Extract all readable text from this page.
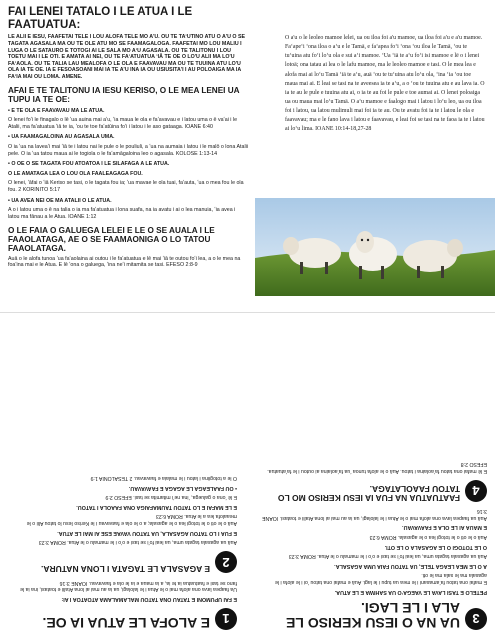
FAI LENEI TATALO I LE ATUA I LE FAATUATUA:

LE ALII E IESU, FAAFETAI TELE I LOU ALOFA TELE MO A'U. OU TE TAʻUTINO ATU O A'U O SE TAGATA AGASALA MA OU TE OLE ATU MO SE FAAMAGALOGA. FAAFETAI MO LOU MALIU I LUGA O LE SATAURO E TOTOGI AI LE SALA MO AʻU AGASALA. OU TE TALITONU I LOU TOETU MAI I LE OTI. E AMATA AI NEI, OU TE FAʻATUATUA ʻIĀ TE OE O LO'U ALII MA LO'U FAʻAOLA. OU TE TALIA LAU MEALOFA O LE OLA E FAAVAVAU MA OU TE TUUINA ATU LO'U OLA IA TE OE. IA E FESOASOANI MAI IA TE A'U INA IA OU USIUSITA'I I AU POLOAIGA MA IA FAʻIA MAI OU LOMA. AMENE.

AFAI E TE TALITONU IA IESU KERISO, O LE MEA LENEI UA TUPU IA TE OE:

• E TE OLA E FAAVAVAU MA LE ATUA.

O lenei foʻi le finagalo o lē ʻua auina mai aʻu, ʻia maua le ola e faʻavavau e i latou uma o ē vaʻai i le Atalii, ma faʻatuatua ʻiā te ia, ʻou te toe faʻatūina foʻi i latou i le aso gataaga. IOANE 6:40

• UA FAAMAGALOINA AU AGASALA UMA.

O ia ʻua na laveaʻi mai ʻiā te i latou nai le pule o le pouliuli, a ʻua na aumaia i latou i le malō o lona Atalii pele. O ia ʻua tatou maua ai le togiola o le faʻamāgaloina leo o agasala. KOLOSE 1:13-14

• O OE O SE TAGATA FOU ATOATOA I LE SILAFAGA A LE ATUA.

O LE AMATAGA LEA O LOU OLA FAALEAGAGA FOU.

O lenei, ʻāfai o ʻiā Keriso se tasi, o le tagata fou ia; ʻua mavae le ola tuai, faʻauta, ʻua o mea fou le ola fou. 2 KORINITO 5:17

• UA AVEA NEI OE MA ATALII O LE ATUA.

A o i latou uma o ē na talia o ia ma faʻatuatua i lona suafa, na ia avatu i ai o lea manuia, ʻia avea i latou ma fānau a le Atua. IOANE 1:12

O LE FAIA O GALUEGA LELEI E LE O SE AUALA I LE FAAOLATAGA, AE O SE FAAMAONIGA O LO TATOU FAAOLATAGA.

Auā o le alofa tunoa ʻua faʻaolaina ai outou i le faʻatuatua e lē mai ʻiā te outou foʻi lea, a o le mea na foaʻina mai e le Atua. E lē ʻona o galuega, ʻina neʻi mitamita se tasi. EFESO 2:8-9

O a'u o le leoleo mamoe lelei, ua ou iloa foi a'u mamoe, ua iloa foi a'u e a'u mamoe. Faʻapeʻi ʻona iloa o aʻu e le Tamā, e faʻapea foʻi ʻona ʻou iloa le Tamā, ʻou te tuʻuina atu foʻi loʻu ola e sui aʻi mamoe. ʻUa ʻiā te aʻu foʻi isi mamoe e lē o i lenei lotoā; ona tatau ai lea o le lafu mamoe, ma le leoleo mamoe e tasi. O le mea lea e alofa mai ai loʻu Tamā ʻiā te aʻu, auā ʻou te tuʻuina atu loʻu ola, ʻina ʻia ʻou toe maua mai ai. E leai se tasi na te aveesea ia te aʻu, a o ʻou te tuuina atu e au lava ia. O ia te au le pule e tuuina atu ai, o ia te au foi le pule e toe aumai ai. O lenei poloaiga ua ou maua mai loʻu Tamā. O aʻu mamoe e faalogo mai i latou i loʻu leo, ua ou iloa foi i latou, ua latou mulimuli mai foi ia te au. Ou te avatu foi ia te i latou le ola e faavavau; ma e le fano lava i latou e faavavau, e leai foi se tasi na te faoa ia te i latou ai loʻu lima. IOANE 10:14-18,27-28
3
UA NA O IESU KERISO LE ALA I LE LAGI.

PETELO E TASI LAVA LE VAEGAʻO UA SAHIWA E LE ATUA.

E mafai ona tatou faʻamasani i le mea ua tupu i le lagi. Auā e mafai ona tatou ʻoi i le alofa i le agasala ma le sala ma le oti.

A O LE MEA LEAGA TELE, UA TATOU FAIA UMA AGASALA.

Auā ua agasala tagata uma, ua leai foʻi se tasi e oʻo i le mamalu o le Atua. ROMA 3:23

O LE TOTOGI O LE AGASALA O LE OTI.

Auā o le oti o le totogi lea o le agasala. ROMA 6:23

E MAUA AI LE OLA E FAAVAVAU.

Auā ua faapea lava ona alofa mai o le Atua i le lalolagi, ua ia au mai ai lona Atalii e toatasi. IOANE 3:16

4
FAATUATUA NA FUA IA IESU KERISO MO LO TATOU FAAOLATAGA.

E lē mafai ona tatou faʻaolaina i tatou. Auā o le alofa tunoa ʻua faʻaolaina ai outou i le faʻatuatua. EFESO 2:8

1
E ALOFA LE ATUA IA OE.

E FAI UPUMONI E TATAU ONA TATOU MALAMALAMA ATOATOA I AI:

Ua faapea lava ona alofa mai o le Atua i le lalolagi, ua ia au mai ai lona Atalii e toatasi, ina ia le fano se tasi e faatuatua ia te ia, a ia maua e ia le ola e faavavau. IOANE 3:16

2
E AGASALA LE TAGATA I LONA NATURA.

Auā ua agasala tagata uma, ua leai foʻi se tasi e oʻo i le mamalu o le Atua. ROMA 3:23

E FUA I LO TATOU AGASALA, UA TATOU VAVAE ESE AI MAI LE ATUA.

Auā o le oti o le totogi lea o le agasala; a o le ola e faavavau i le Keriso Iesu lo tatou Alii o le meaalofa lea a le Atua. ROMA 6:23

E LE MAFAI E LO TATOU TAUMAFAIGA ONA FAAOLA I TATOU.

E lē ʻona o galuega, ʻina neʻi mitamita se tasi. EFESO 2:9

• OU FAALEAGA LE AGAGA E FAAVAVAU.

O le a totogiina i latou i le malaia e faavavau. 2 TESALONIA 1:9
